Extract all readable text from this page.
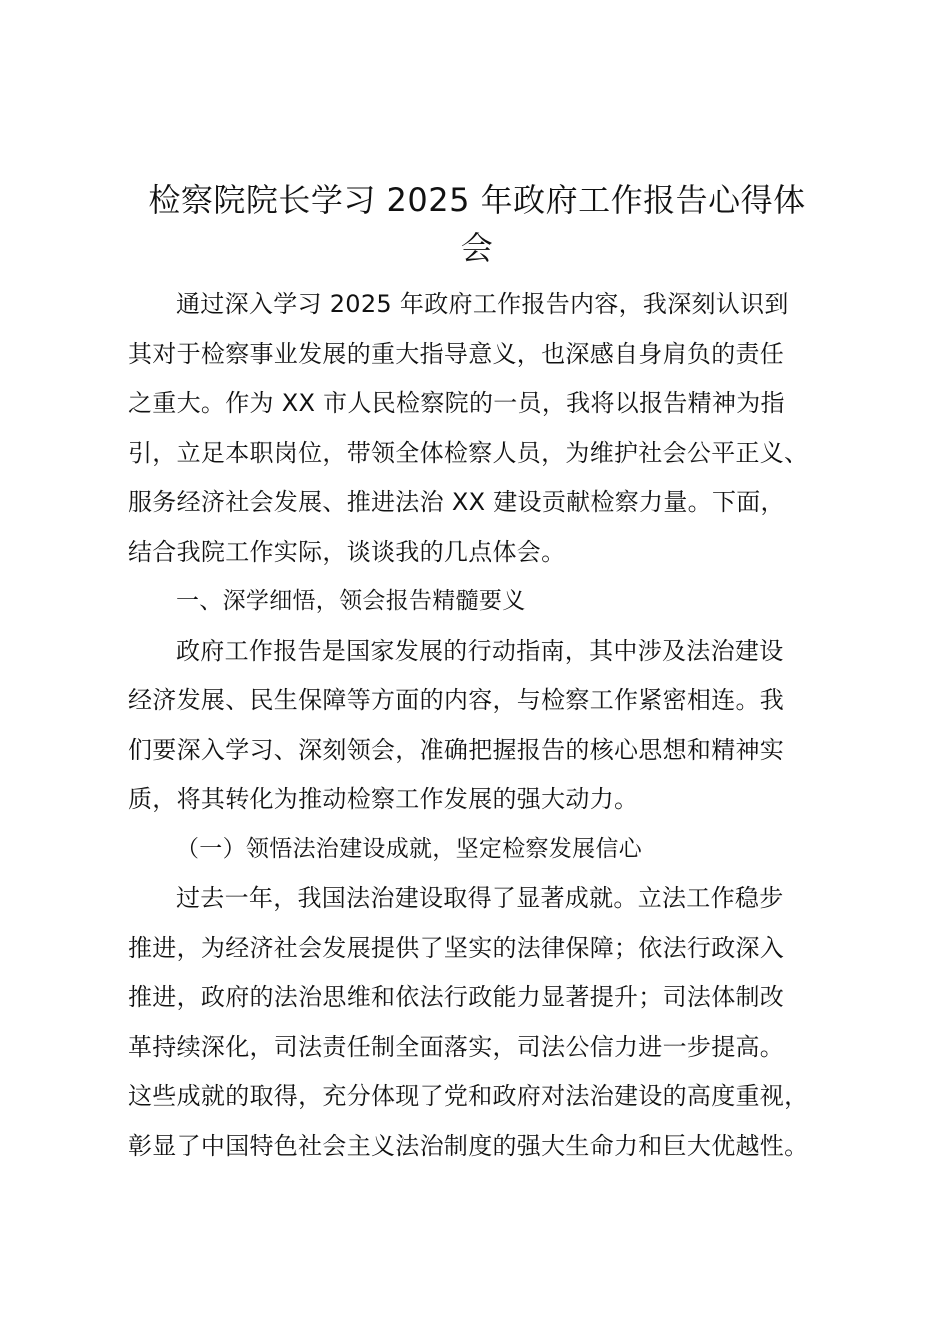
检察院院长学习 2025 年政府工作报告心得体
会

通过深入学习 2025 年政府工作报告内容，我深刻认识到
其对于检察事业发展的重大指导意义，也深感自身肩负的责任
之重大。作为 XX 市人民检察院的一员，我将以报告精神为指
引，立足本职岗位，带领全体检察人员，为维护社会公平正义、
服务经济社会发展、推进法治 XX 建设贡献检察力量。下面，
结合我院工作实际，谈谈我的几点体会。

一、深学细悟，领会报告精髓要义

政府工作报告是国家发展的行动指南，其中涉及法治建设
经济发展、民生保障等方面的内容，与检察工作紧密相连。我
们要深入学习、深刻领会，准确把握报告的核心思想和精神实
质，将其转化为推动检察工作发展的强大动力。

（一）领悟法治建设成就，坚定检察发展信心

过去一年，我国法治建设取得了显著成就。立法工作稳步
推进，为经济社会发展提供了坚实的法律保障；依法行政深入
推进，政府的法治思维和依法行政能力显著提升；司法体制改
革持续深化，司法责任制全面落实，司法公信力进一步提高。
这些成就的取得，充分体现了党和政府对法治建设的高度重视，
彰显了中国特色社会主义法治制度的强大生命力和巨大优越性。
